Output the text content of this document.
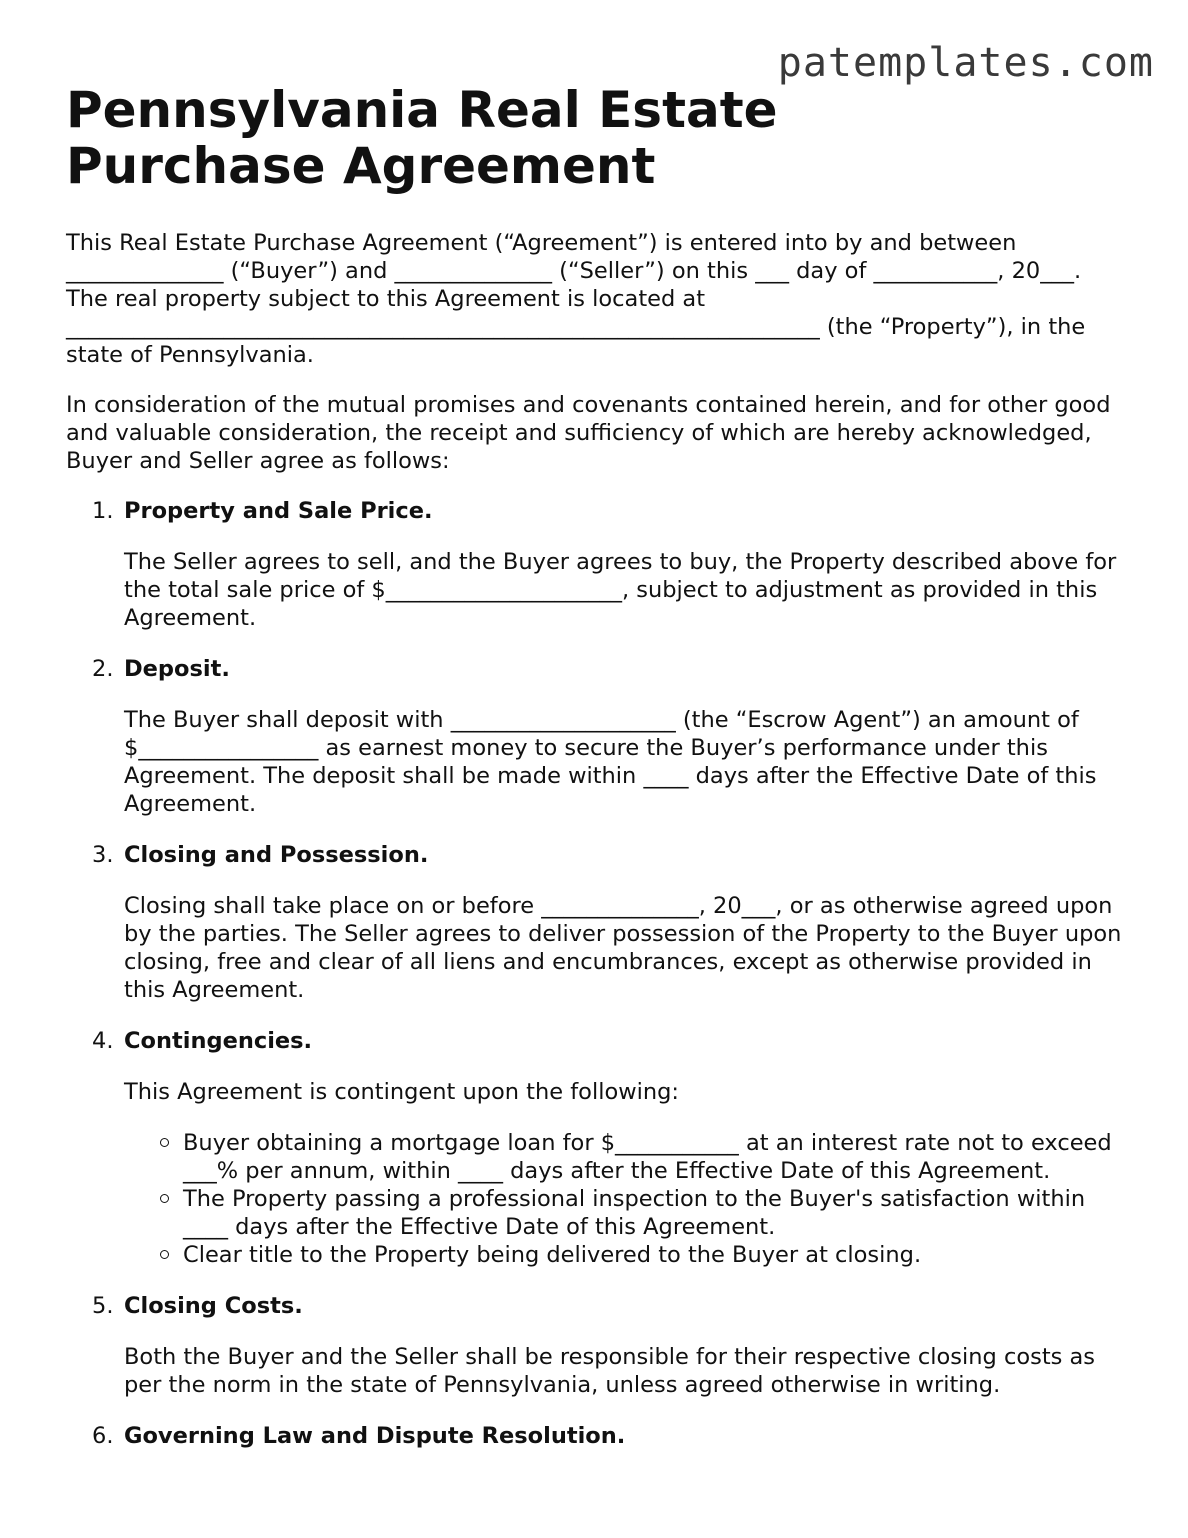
patemplates.com
Pennsylvania Real Estate Purchase Agreement

This Real Estate Purchase Agreement (“Agreement”) is entered into by and between ______________ (“Buyer”) and ______________ (“Seller”) on this ___ day of ___________, 20___. The real property subject to this Agreement is located at ___________________________________________________________________ (the “Property”), in the state of Pennsylvania.

In consideration of the mutual promises and covenants contained herein, and for other good and valuable consideration, the receipt and sufficiency of which are hereby acknowledged, Buyer and Seller agree as follows:

1. Property and Sale Price.

The Seller agrees to sell, and the Buyer agrees to buy, the Property described above for the total sale price of $_____________________, subject to adjustment as provided in this Agreement.

2. Deposit.

The Buyer shall deposit with ____________________ (the “Escrow Agent”) an amount of $________________ as earnest money to secure the Buyer’s performance under this Agreement. The deposit shall be made within ____ days after the Effective Date of this Agreement.

3. Closing and Possession.

Closing shall take place on or before ______________, 20___, or as otherwise agreed upon by the parties. The Seller agrees to deliver possession of the Property to the Buyer upon closing, free and clear of all liens and encumbrances, except as otherwise provided in this Agreement.

4. Contingencies.

This Agreement is contingent upon the following:

Buyer obtaining a mortgage loan for $___________ at an interest rate not to exceed ___% per annum, within ____ days after the Effective Date of this Agreement.
The Property passing a professional inspection to the Buyer's satisfaction within ____ days after the Effective Date of this Agreement.
Clear title to the Property being delivered to the Buyer at closing.
5. Closing Costs.

Both the Buyer and the Seller shall be responsible for their respective closing costs as per the norm in the state of Pennsylvania, unless agreed otherwise in writing.

6. Governing Law and Dispute Resolution.
